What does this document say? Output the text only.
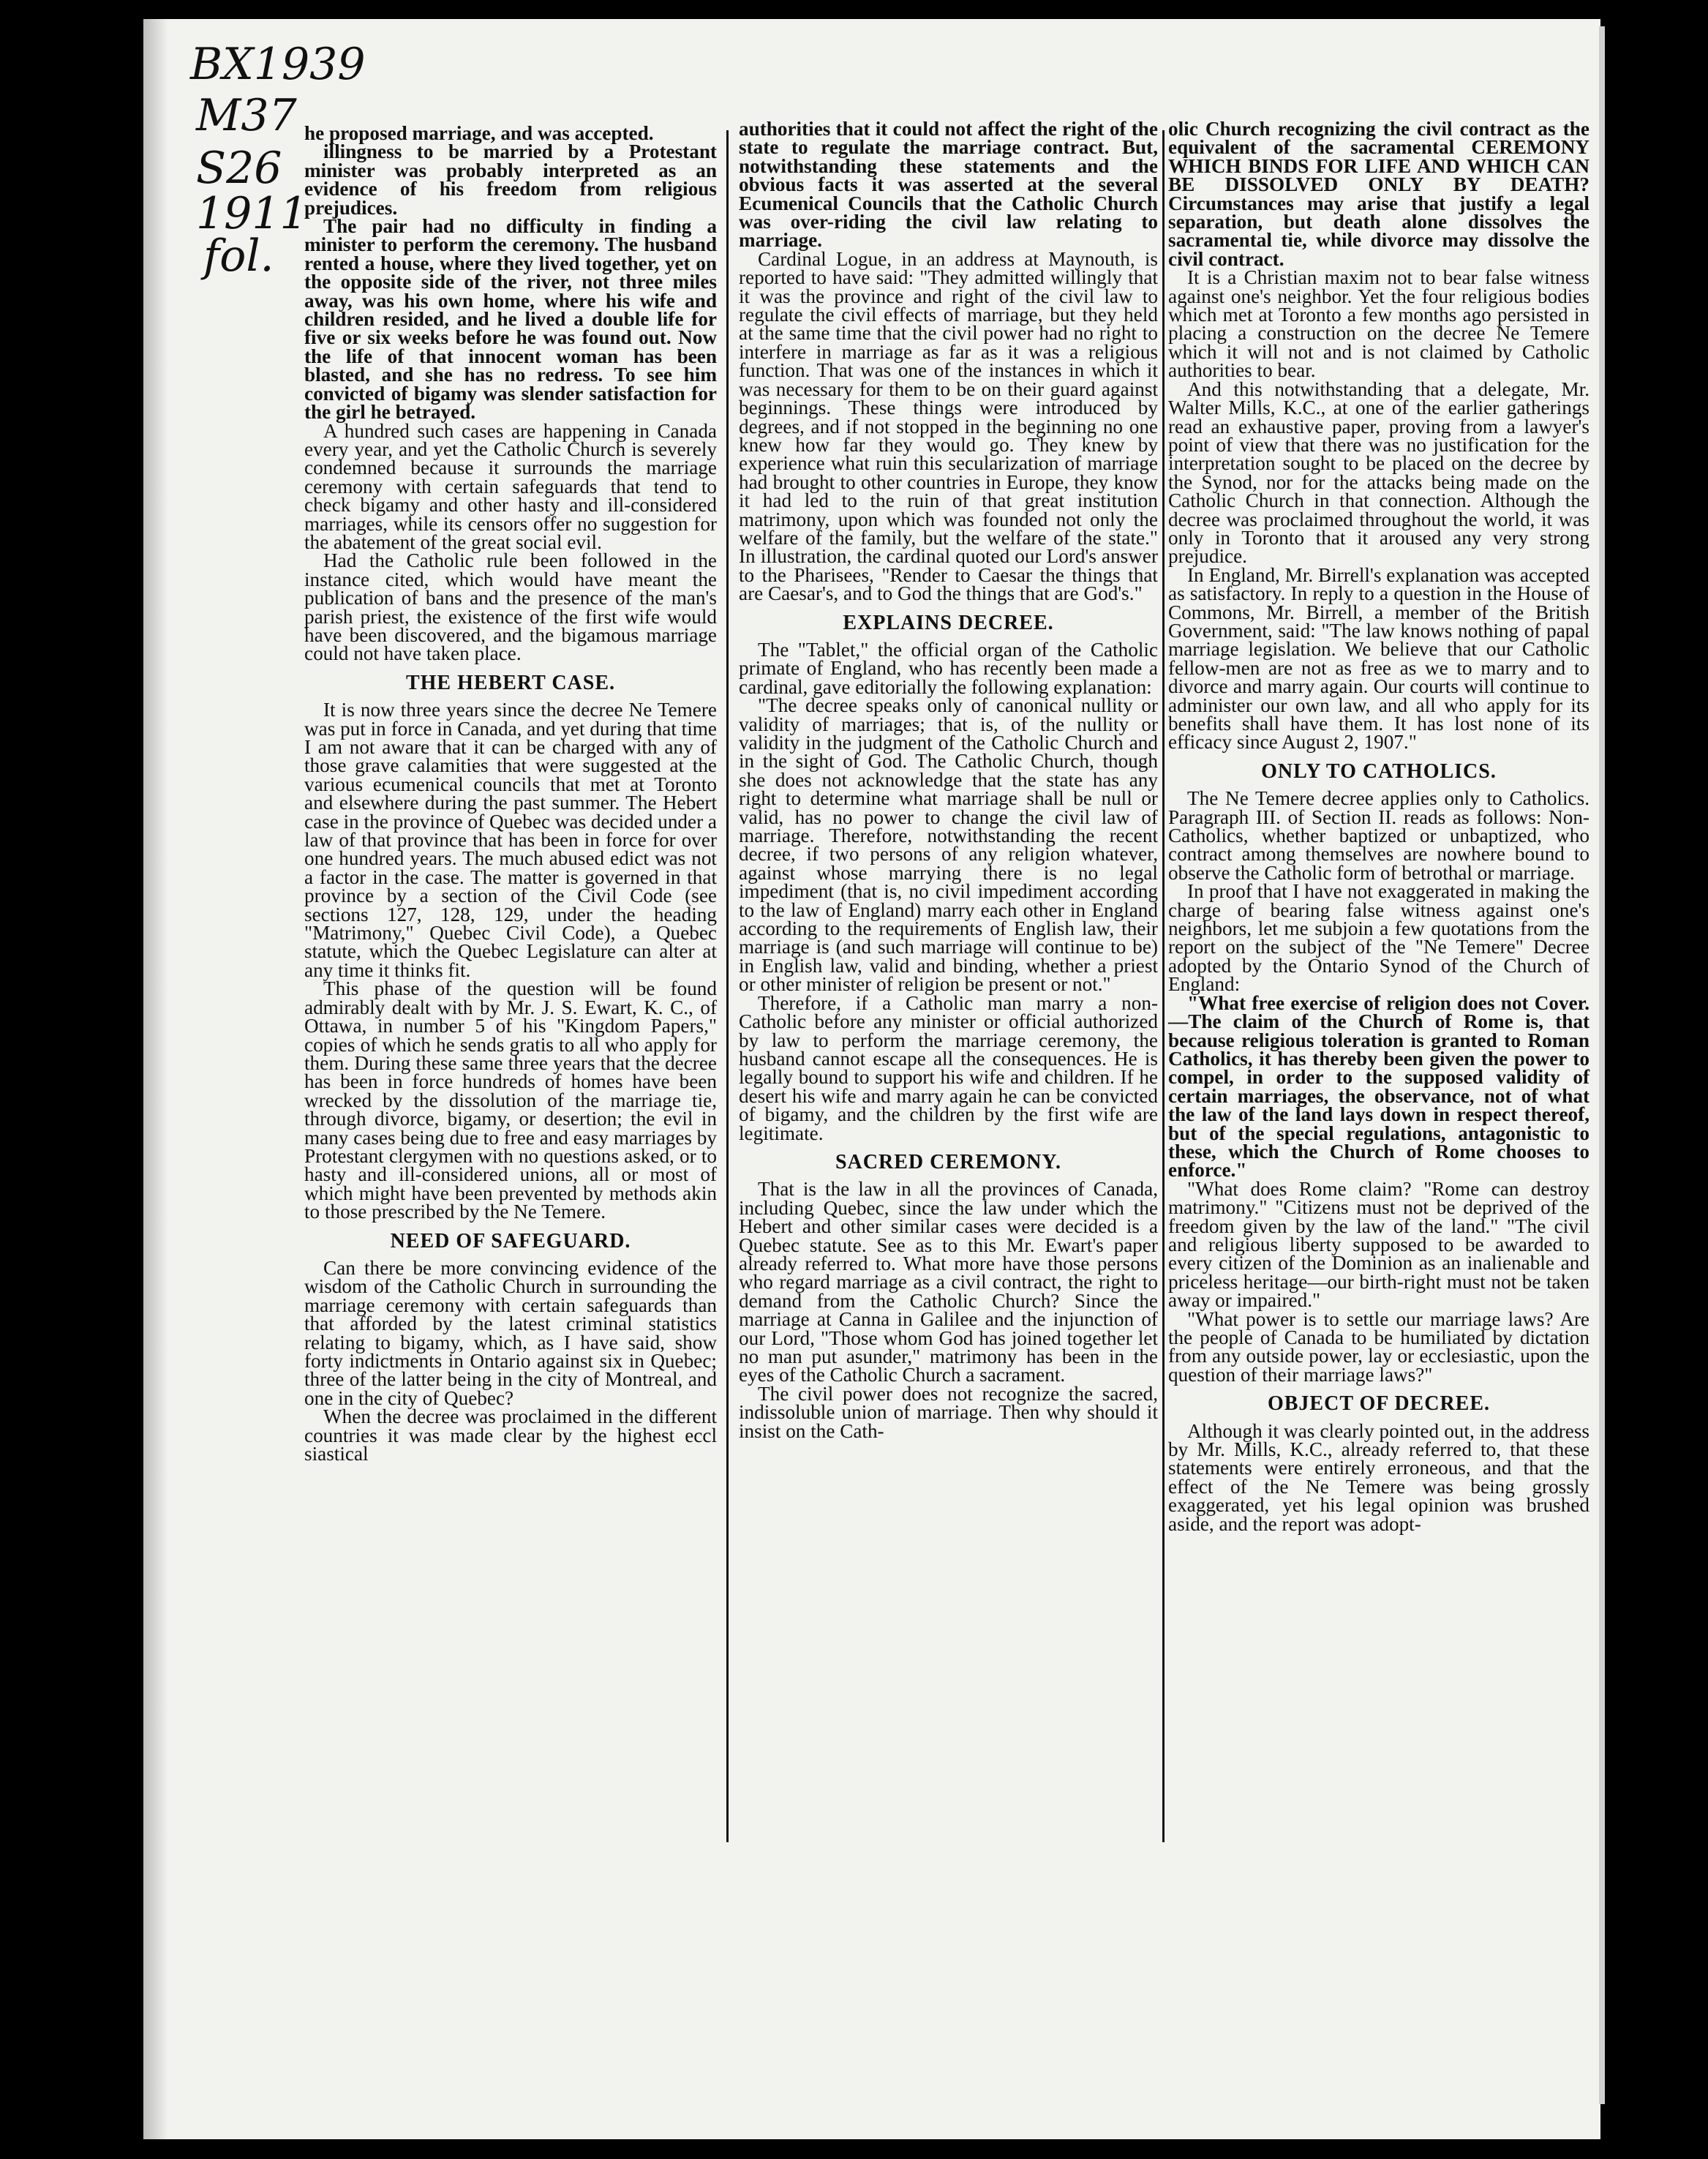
BX1939
M37
S26
1911
fol.

he proposed marriage, and was accepted.

illingness to be married by a Protestant minister was probably interpreted as an evidence of his freedom from religious prejudices.

The pair had no difficulty in finding a minister to perform the ceremony. The husband rented a house, where they lived together, yet on the opposite side of the river, not three miles away, was his own home, where his wife and children resided, and he lived a double life for five or six weeks before he was found out. Now the life of that innocent woman has been blasted, and she has no redress. To see him convicted of bigamy was slender satisfaction for the girl he betrayed.

A hundred such cases are happening in Canada every year, and yet the Catholic Church is severely condemned because it surrounds the marriage ceremony with certain safeguards that tend to check bigamy and other hasty and ill-considered marriages, while its censors offer no suggestion for the abatement of the great social evil.

Had the Catholic rule been followed in the instance cited, which would have meant the publication of bans and the presence of the man's parish priest, the existence of the first wife would have been discovered, and the bigamous marriage could not have taken place.

THE HEBERT CASE.

It is now three years since the decree Ne Temere was put in force in Canada, and yet during that time I am not aware that it can be charged with any of those grave calamities that were suggested at the various ecumenical councils that met at Toronto and elsewhere during the past summer. The Hebert case in the province of Quebec was decided under a law of that province that has been in force for over one hundred years. The much abused edict was not a factor in the case. The matter is governed in that province by a section of the Civil Code (see sections 127, 128, 129, under the heading "Matrimony," Quebec Civil Code), a Quebec statute, which the Quebec Legislature can alter at any time it thinks fit.

This phase of the question will be found admirably dealt with by Mr. J. S. Ewart, K. C., of Ottawa, in number 5 of his "Kingdom Papers," copies of which he sends gratis to all who apply for them. During these same three years that the decree has been in force hundreds of homes have been wrecked by the dissolution of the marriage tie, through divorce, bigamy, or desertion; the evil in many cases being due to free and easy marriages by Protestant clergymen with no questions asked, or to hasty and ill-considered unions, all or most of which might have been prevented by methods akin to those prescribed by the Ne Temere.

NEED OF SAFEGUARD.

Can there be more convincing evidence of the wisdom of the Catholic Church in surrounding the marriage ceremony with certain safeguards than that afforded by the latest criminal statistics relating to bigamy, which, as I have said, show forty indictments in Ontario against six in Quebec; three of the latter being in the city of Montreal, and one in the city of Quebec?

When the decree was proclaimed in the different countries it was made clear by the highest eccl siastical

authorities that it could not affect the right of the state to regulate the marriage contract. But, notwithstanding these statements and the obvious facts it was asserted at the several Ecumenical Councils that the Catholic Church was over-riding the civil law relating to marriage.

Cardinal Logue, in an address at Maynouth, is reported to have said: "They admitted willingly that it was the province and right of the civil law to regulate the civil effects of marriage, but they held at the same time that the civil power had no right to interfere in marriage as far as it was a religious function. That was one of the instances in which it was necessary for them to be on their guard against beginnings. These things were introduced by degrees, and if not stopped in the beginning no one knew how far they would go. They knew by experience what ruin this secularization of marriage had brought to other countries in Europe, they know it had led to the ruin of that great institution matrimony, upon which was founded not only the welfare of the family, but the welfare of the state." In illustration, the cardinal quoted our Lord's answer to the Pharisees, "Render to Caesar the things that are Caesar's, and to God the things that are God's."

EXPLAINS DECREE.

The "Tablet," the official organ of the Catholic primate of England, who has recently been made a cardinal, gave editorially the following explanation:

"The decree speaks only of canonical nullity or validity of marriages; that is, of the nullity or validity in the judgment of the Catholic Church and in the sight of God. The Catholic Church, though she does not acknowledge that the state has any right to determine what marriage shall be null or valid, has no power to change the civil law of marriage. Therefore, notwithstanding the recent decree, if two persons of any religion whatever, against whose marrying there is no legal impediment (that is, no civil impediment according to the law of England) marry each other in England according to the requirements of English law, their marriage is (and such marriage will continue to be) in English law, valid and binding, whether a priest or other minister of religion be present or not."

Therefore, if a Catholic man marry a non-Catholic before any minister or official authorized by law to perform the marriage ceremony, the husband cannot escape all the consequences. He is legally bound to support his wife and children. If he desert his wife and marry again he can be convicted of bigamy, and the children by the first wife are legitimate.

SACRED CEREMONY.

That is the law in all the provinces of Canada, including Quebec, since the law under which the Hebert and other similar cases were decided is a Quebec statute. See as to this Mr. Ewart's paper already referred to. What more have those persons who regard marriage as a civil contract, the right to demand from the Catholic Church? Since the marriage at Canna in Galilee and the injunction of our Lord, "Those whom God has joined together let no man put asunder," matrimony has been in the eyes of the Catholic Church a sacrament.

The civil power does not recognize the sacred, indissoluble union of marriage. Then why should it insist on the Cath-

olic Church recognizing the civil contract as the equivalent of the sacramental CEREMONY WHICH BINDS FOR LIFE AND WHICH CAN BE DISSOLVED ONLY BY DEATH? Circumstances may arise that justify a legal separation, but death alone dissolves the sacramental tie, while divorce may dissolve the civil contract.

It is a Christian maxim not to bear false witness against one's neighbor. Yet the four religious bodies which met at Toronto a few months ago persisted in placing a construction on the decree Ne Temere which it will not and is not claimed by Catholic authorities to bear.

And this notwithstanding that a delegate, Mr. Walter Mills, K.C., at one of the earlier gatherings read an exhaustive paper, proving from a lawyer's point of view that there was no justification for the interpretation sought to be placed on the decree by the Synod, nor for the attacks being made on the Catholic Church in that connection. Although the decree was proclaimed throughout the world, it was only in Toronto that it aroused any very strong prejudice.

In England, Mr. Birrell's explanation was accepted as satisfactory. In reply to a question in the House of Commons, Mr. Birrell, a member of the British Government, said: "The law knows nothing of papal marriage legislation. We believe that our Catholic fellow-men are not as free as we to marry and to divorce and marry again. Our courts will continue to administer our own law, and all who apply for its benefits shall have them. It has lost none of its efficacy since August 2, 1907."

ONLY TO CATHOLICS.

The Ne Temere decree applies only to Catholics. Paragraph III. of Section II. reads as follows: Non-Catholics, whether baptized or unbaptized, who contract among themselves are nowhere bound to observe the Catholic form of betrothal or marriage.

In proof that I have not exaggerated in making the charge of bearing false witness against one's neighbors, let me subjoin a few quotations from the report on the subject of the "Ne Temere" Decree adopted by the Ontario Synod of the Church of England:

"What free exercise of religion does not Cover.—The claim of the Church of Rome is, that because religious toleration is granted to Roman Catholics, it has thereby been given the power to compel, in order to the supposed validity of certain marriages, the observance, not of what the law of the land lays down in respect thereof, but of the special regulations, antagonistic to these, which the Church of Rome chooses to enforce."

"What does Rome claim? "Rome can destroy matrimony." "Citizens must not be deprived of the freedom given by the law of the land." "The civil and religious liberty supposed to be awarded to every citizen of the Dominion as an inalienable and priceless heritage—our birth-right must not be taken away or impaired."

"What power is to settle our marriage laws? Are the people of Canada to be humiliated by dictation from any outside power, lay or ecclesiastic, upon the question of their marriage laws?"

OBJECT OF DECREE.

Although it was clearly pointed out, in the address by Mr. Mills, K.C., already referred to, that these statements were entirely erroneous, and that the effect of the Ne Temere was being grossly exaggerated, yet his legal opinion was brushed aside, and the report was adopt-
